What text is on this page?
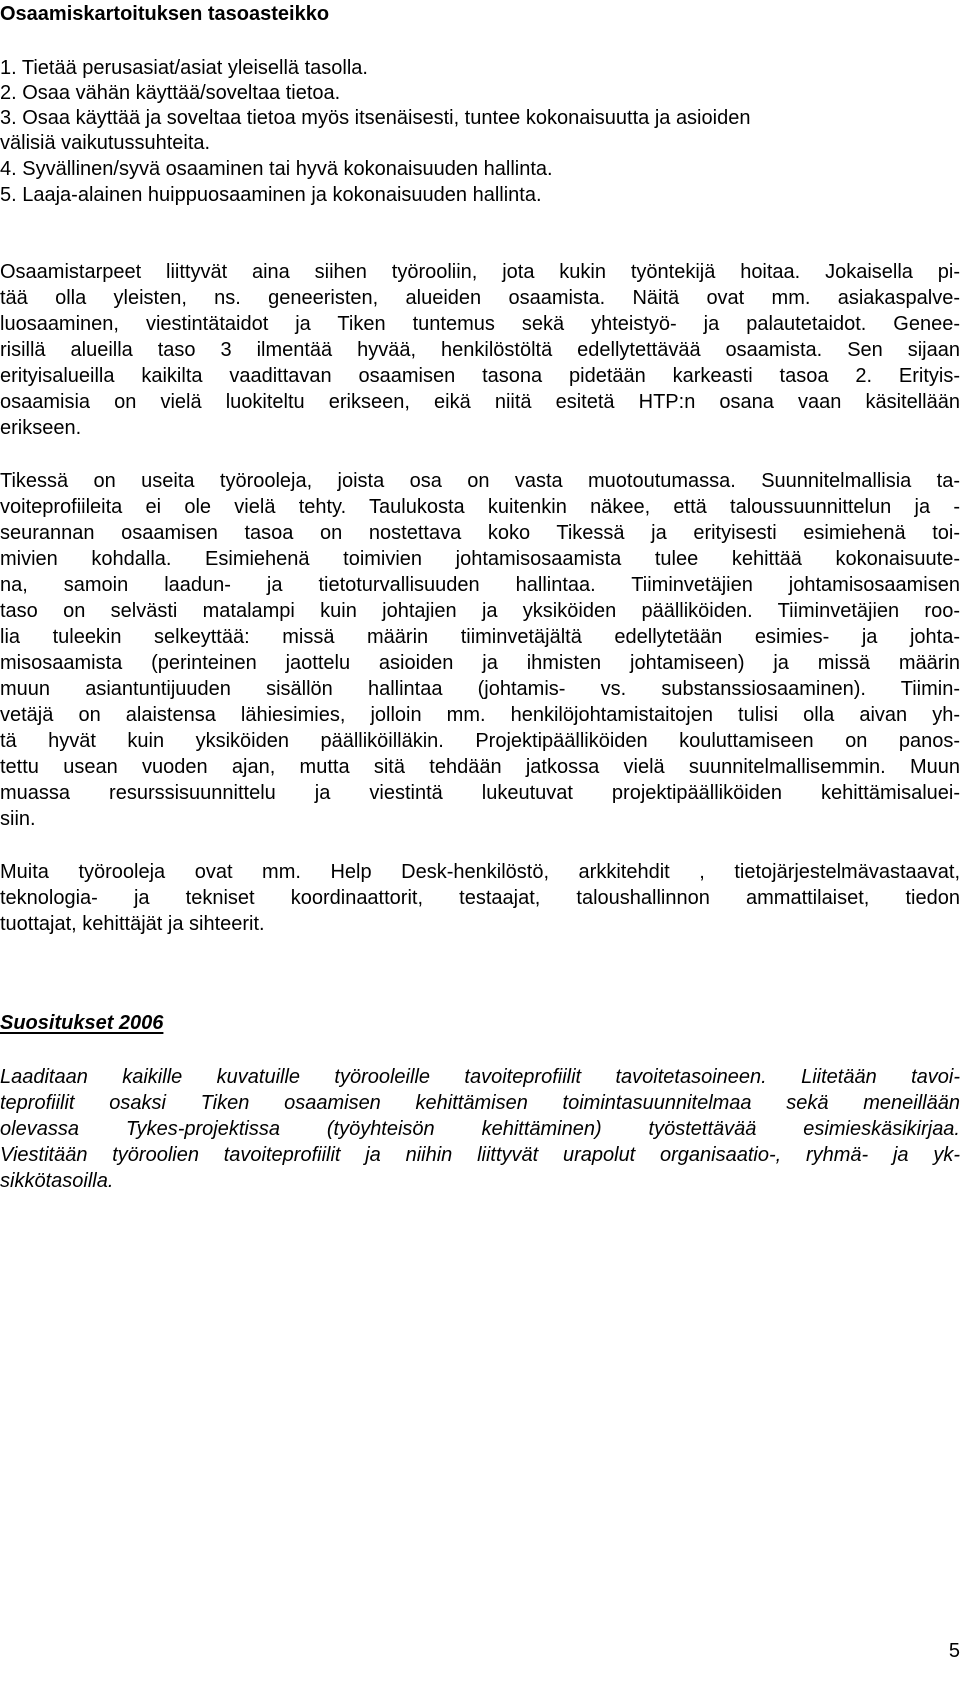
Osaamiskartoituksen tasoasteikko
1. Tietää perusasiat/asiat yleisellä tasolla.
2. Osaa vähän käyttää/soveltaa tietoa.
3. Osaa käyttää ja soveltaa tietoa myös itsenäisesti, tuntee kokonaisuutta ja asioiden
välisiä vaikutussuhteita.
4. Syvällinen/syvä osaaminen tai hyvä kokonaisuuden hallinta.
5. Laaja-alainen huippuosaaminen ja kokonaisuuden hallinta.
Osaamistarpeet liittyvät aina siihen työrooliin, jota kukin työntekijä hoitaa. Jokaisella pi-
tää olla yleisten, ns. geneeristen, alueiden osaamista. Näitä ovat mm. asiakaspalve-
luosaaminen, viestintätaidot ja Tiken tuntemus sekä yhteistyö- ja palautetaidot. Genee-
risillä alueilla taso 3 ilmentää hyvää, henkilöstöltä edellytettävää osaamista. Sen sijaan
erityisalueilla kaikilta vaadittavan osaamisen tasona pidetään karkeasti tasoa 2. Erityis-
osaamisia on vielä luokiteltu erikseen, eikä niitä esitetä HTP:n osana vaan käsitellään
erikseen.
Tikessä on useita työrooleja, joista osa on vasta muotoutumassa. Suunnitelmallisia ta-
voiteprofiileita ei ole vielä tehty. Taulukosta kuitenkin näkee, että taloussuunnittelun ja -
seurannan osaamisen tasoa on nostettava koko Tikessä ja erityisesti esimiehenä toi-
mivien kohdalla. Esimiehenä toimivien johtamisosaamista tulee kehittää kokonaisuute-
na, samoin laadun- ja tietoturvallisuuden hallintaa. Tiiminvetäjien johtamisosaamisen
taso on selvästi matalampi kuin johtajien ja yksiköiden päälliköiden. Tiiminvetäjien roo-
lia tuleekin selkeyttää: missä määrin tiiminvetäjältä edellytetään esimies- ja johta-
misosaamista (perinteinen jaottelu asioiden ja ihmisten johtamiseen) ja missä määrin
muun asiantuntijuuden sisällön hallintaa (johtamis- vs. substanssiosaaminen). Tiimin-
vetäjä on alaistensa lähiesimies, jolloin mm. henkilöjohtamistaitojen tulisi olla aivan yh-
tä hyvät kuin yksiköiden päälliköilläkin. Projektipäälliköiden kouluttamiseen on panos-
tettu usean vuoden ajan, mutta sitä tehdään jatkossa vielä suunnitelmallisemmin. Muun
muassa resurssisuunnittelu ja viestintä lukeutuvat projektipäälliköiden kehittämisaluei-
siin.
Muita työrooleja ovat mm. Help Desk-henkilöstö, arkkitehdit , tietojärjestelmävastaavat,
teknologia- ja tekniset koordinaattorit, testaajat, taloushallinnon ammattilaiset, tiedon
tuottajat, kehittäjät ja sihteerit.
Suositukset 2006
Laaditaan kaikille kuvatuille työrooleille tavoiteprofiilit tavoitetasoineen. Liitetään tavoi-
teprofiilit osaksi Tiken osaamisen kehittämisen toimintasuunnitelmaa sekä meneillään
olevassa Tykes-projektissa (työyhteisön kehittäminen) työstettävää esimieskäsikirjaa.
Viestitään työroolien tavoiteprofiilit ja niihin liittyvät urapolut organisaatio-, ryhmä- ja yk-
sikkötasoilla.
5
